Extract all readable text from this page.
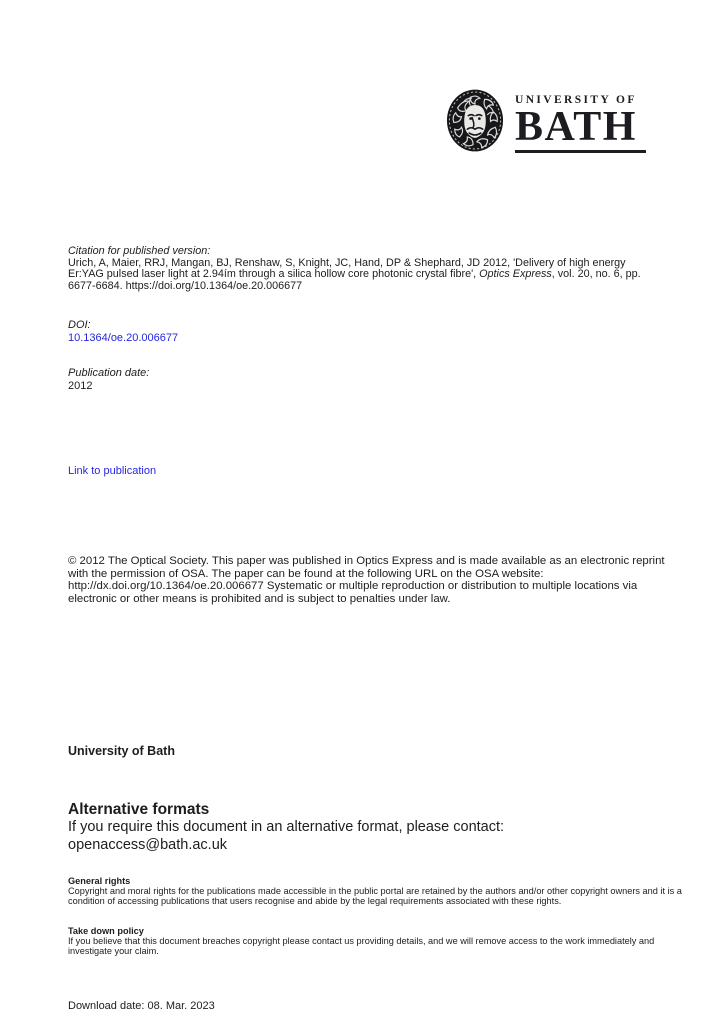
UNIVERSITY OF
BATH
Citation for published version:
Urich, A, Maier, RRJ, Mangan, BJ, Renshaw, S, Knight, JC, Hand, DP & Shephard, JD 2012, 'Delivery of high energy Er:YAG pulsed laser light at 2.94ím through a silica hollow core photonic crystal fibre', Optics Express, vol. 20, no. 6, pp. 6677-6684. https://doi.org/10.1364/oe.20.006677
DOI:
10.1364/oe.20.006677
Publication date:
2012
Link to publication
© 2012 The Optical Society. This paper was published in Optics Express and is made available as an electronic reprint with the permission of OSA. The paper can be found at the following URL on the OSA website: http://dx.doi.org/10.1364/oe.20.006677 Systematic or multiple reproduction or distribution to multiple locations via electronic or other means is prohibited and is subject to penalties under law.
University of Bath
Alternative formats
If you require this document in an alternative format, please contact:
openaccess@bath.ac.uk
General rights
Copyright and moral rights for the publications made accessible in the public portal are retained by the authors and/or other copyright owners and it is a condition of accessing publications that users recognise and abide by the legal requirements associated with these rights.
Take down policy
If you believe that this document breaches copyright please contact us providing details, and we will remove access to the work immediately and investigate your claim.
Download date: 08. Mar. 2023
